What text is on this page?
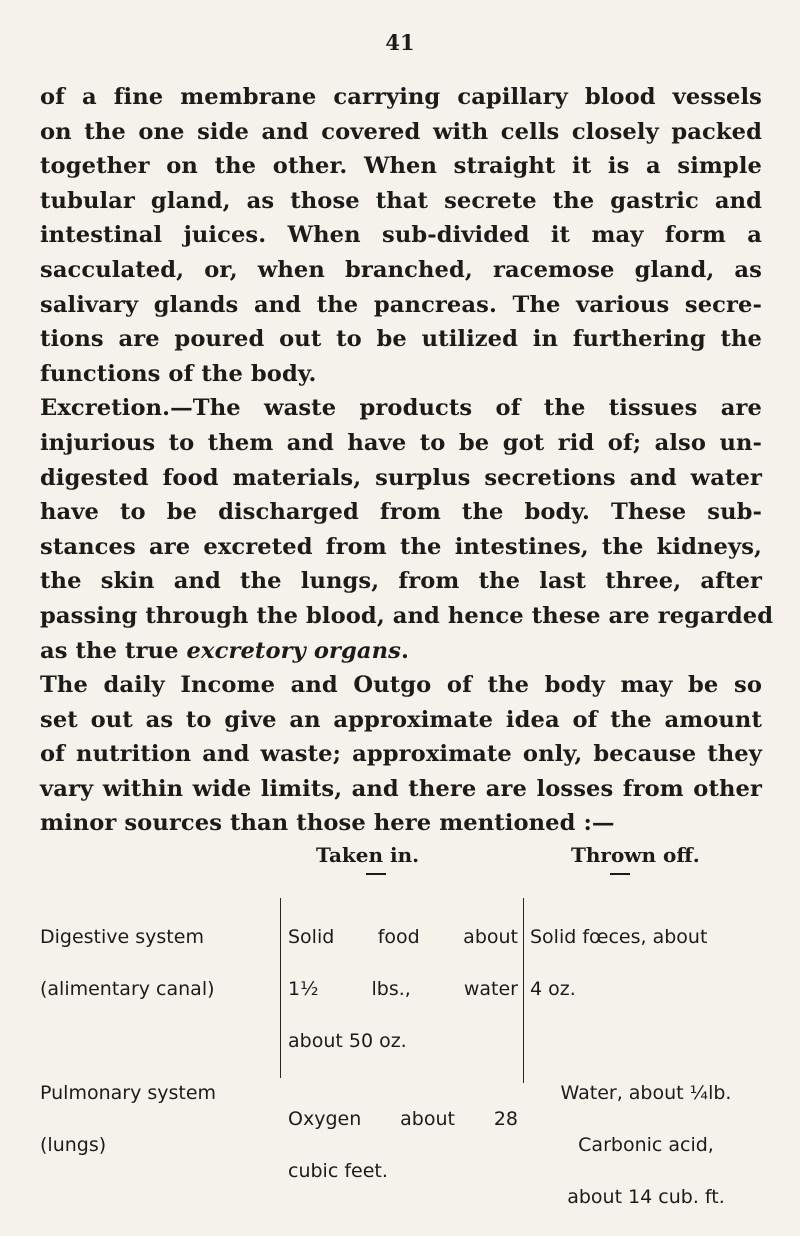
41
of a fine membrane carrying capillary blood vessels
on the one side and covered with cells closely packed
together on the other. When straight it is a simple
tubular gland, as those that secrete the gastric and
intestinal juices. When sub-divided it may form a
sacculated, or, when branched, racemose gland, as
salivary glands and the pancreas. The various secre-
tions are poured out to be utilized in furthering the
functions of the body.
Excretion.—The waste products of the tissues are
injurious to them and have to be got rid of; also un-
digested food materials, surplus secretions and water
have to be discharged from the body. These sub-
stances are excreted from the intestines, the kidneys,
the skin and the lungs, from the last three, after
passing through the blood, and hence these are regarded
as the true excretory organs.
The daily Income and Outgo of the body may be so
set out as to give an approximate idea of the amount
of nutrition and waste; approximate only, because they
vary within wide limits, and there are losses from other
minor sources than those here mentioned :—
Taken in.	Thrown off.

Digestive system

(alimentary canal)

Pulmonary system

(lungs)

Solid food about

1½ lbs., water

about 50 oz.

Oxygen about 28

cubic feet.

Solid fœces, about

4 oz.

Water, about ¼lb.

Carbonic acid,

about 14 cub. ft.
